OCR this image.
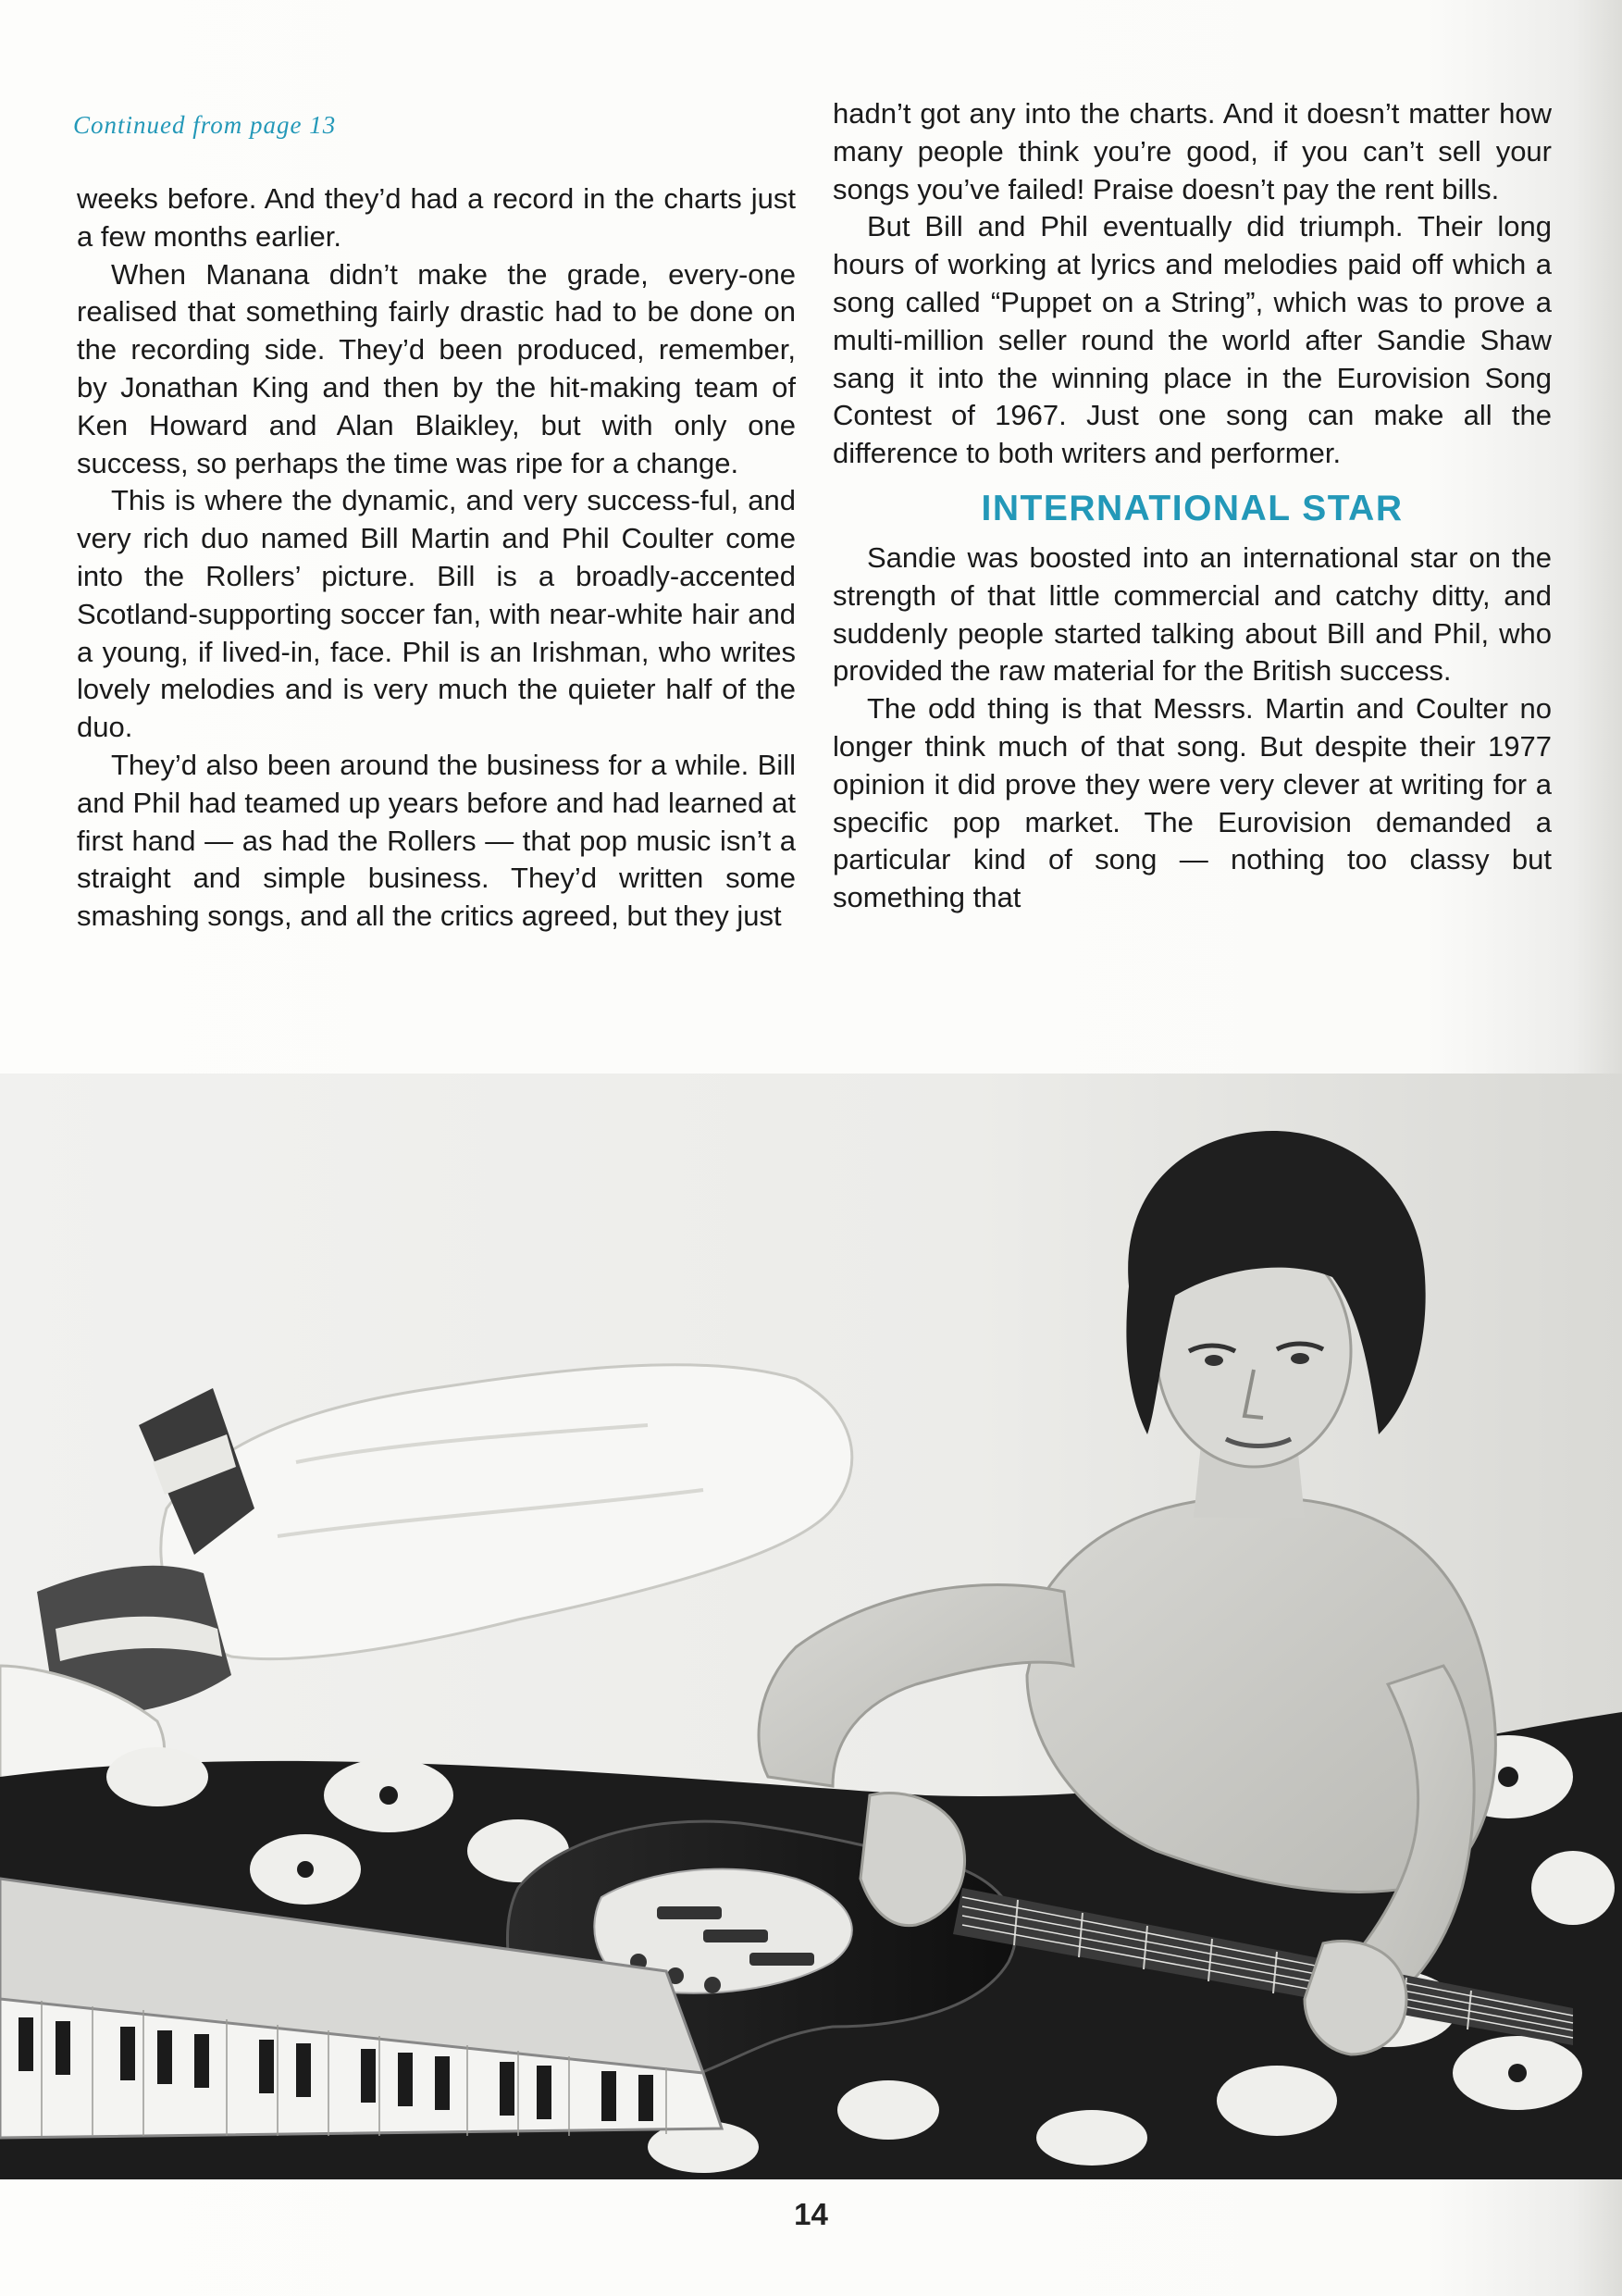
Continued from page 13

weeks before. And they’d had a record in the charts just a few months earlier.

When Manana didn’t make the grade, every-one realised that something fairly drastic had to be done on the recording side. They’d been produced, remember, by Jonathan King and then by the hit-making team of Ken Howard and Alan Blaikley, but with only one success, so perhaps the time was ripe for a change.

This is where the dynamic, and very success-ful, and very rich duo named Bill Martin and Phil Coulter come into the Rollers’ picture. Bill is a broadly-accented Scotland-supporting soccer fan, with near-white hair and a young, if lived-in, face. Phil is an Irishman, who writes lovely melodies and is very much the quieter half of the duo.

They’d also been around the business for a while. Bill and Phil had teamed up years before and had learned at first hand — as had the Rollers — that pop music isn’t a straight and simple business. They’d written some smashing songs, and all the critics agreed, but they just

hadn’t got any into the charts. And it doesn’t matter how many people think you’re good, if you can’t sell your songs you’ve failed! Praise doesn’t pay the rent bills.

But Bill and Phil eventually did triumph. Their long hours of working at lyrics and melodies paid off which a song called “Puppet on a String”, which was to prove a multi-million seller round the world after Sandie Shaw sang it into the winning place in the Eurovision Song Contest of 1967. Just one song can make all the difference to both writers and performer.

INTERNATIONAL STAR

Sandie was boosted into an international star on the strength of that little commercial and catchy ditty, and suddenly people started talking about Bill and Phil, who provided the raw material for the British success.

The odd thing is that Messrs. Martin and Coulter no longer think much of that song. But despite their 1977 opinion it did prove they were very clever at writing for a specific pop market. The Eurovision demanded a particular kind of song — nothing too classy but something that

14
